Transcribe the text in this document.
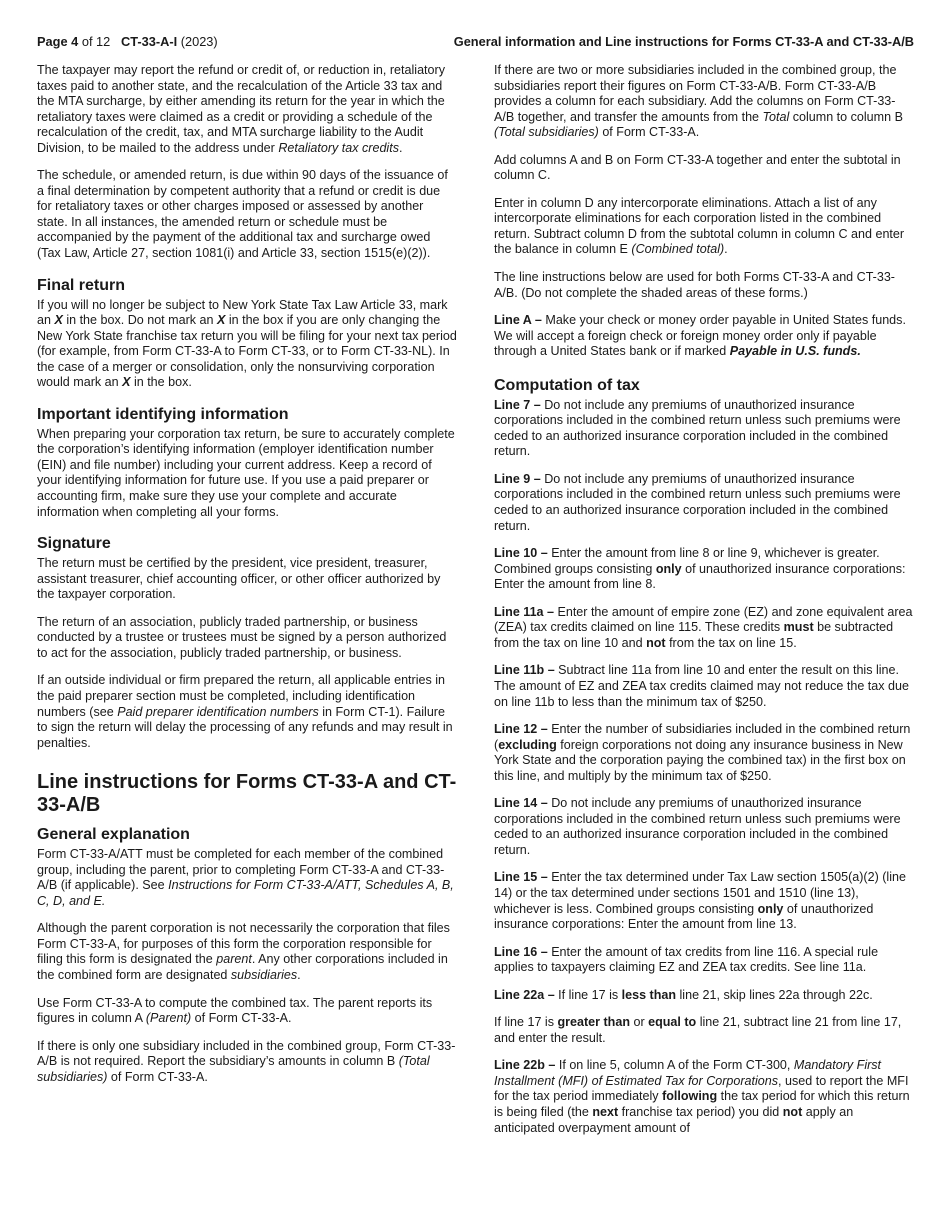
Page 4 of 12 CT-33-A-I (2023)	General information and Line instructions for Forms CT-33-A and CT-33-A/B

The taxpayer may report the refund or credit of, or reduction in, retaliatory taxes paid to another state, and the recalculation of the Article 33 tax and the MTA surcharge, by either amending its return for the year in which the retaliatory taxes were claimed as a credit or providing a schedule of the recalculation of the credit, tax, and MTA surcharge liability to the Audit Division, to be mailed to the address under Retaliatory tax credits.

The schedule, or amended return, is due within 90 days of the issuance of a final determination by competent authority that a refund or credit is due for retaliatory taxes or other charges imposed or assessed by another state. In all instances, the amended return or schedule must be accompanied by the payment of the additional tax and surcharge owed (Tax Law, Article 27, section 1081(i) and Article 33, section 1515(e)(2)).

Final return

If you will no longer be subject to New York State Tax Law Article 33, mark an X in the box. Do not mark an X in the box if you are only changing the New York State franchise tax return you will be filing for your next tax period (for example, from Form CT-33-A to Form CT-33, or to Form CT-33-NL). In the case of a merger or consolidation, only the nonsurviving corporation would mark an X in the box.

Important identifying information

When preparing your corporation tax return, be sure to accurately complete the corporation’s identifying information (employer identification number (EIN) and file number) including your current address. Keep a record of your identifying information for future use. If you use a paid preparer or accounting firm, make sure they use your complete and accurate information when completing all your forms.

Signature

The return must be certified by the president, vice president, treasurer, assistant treasurer, chief accounting officer, or other officer authorized by the taxpayer corporation.

The return of an association, publicly traded partnership, or business conducted by a trustee or trustees must be signed by a person authorized to act for the association, publicly traded partnership, or business.

If an outside individual or firm prepared the return, all applicable entries in the paid preparer section must be completed, including identification numbers (see Paid preparer identification numbers in Form CT-1). Failure to sign the return will delay the processing of any refunds and may result in penalties.

Line instructions for Forms CT-33-A and CT-33-A/B
General explanation

Form CT-33-A/ATT must be completed for each member of the combined group, including the parent, prior to completing Form CT-33-A and CT-33-A/B (if applicable). See Instructions for Form CT-33-A/ATT, Schedules A, B, C, D, and E.

Although the parent corporation is not necessarily the corporation that files Form CT-33-A, for purposes of this form the corporation responsible for filing this form is designated the parent. Any other corporations included in the combined form are designated subsidiaries.

Use Form CT-33-A to compute the combined tax. The parent reports its figures in column A (Parent) of Form CT-33-A.

If there is only one subsidiary included in the combined group, Form CT-33-A/B is not required. Report the subsidiary’s amounts in column B (Total subsidiaries) of Form CT-33-A.

If there are two or more subsidiaries included in the combined group, the subsidiaries report their figures on Form CT-33-A/B. Form CT-33-A/B provides a column for each subsidiary. Add the columns on Form CT-33-A/B together, and transfer the amounts from the Total column to column B (Total subsidiaries) of Form CT-33-A.

Add columns A and B on Form CT-33-A together and enter the subtotal in column C.

Enter in column D any intercorporate eliminations. Attach a list of any intercorporate eliminations for each corporation listed in the combined return. Subtract column D from the subtotal column in column C and enter the balance in column E (Combined total).

The line instructions below are used for both Forms CT-33-A and CT-33-A/B. (Do not complete the shaded areas of these forms.)

Line A – Make your check or money order payable in United States funds. We will accept a foreign check or foreign money order only if payable through a United States bank or if marked Payable in U.S. funds.

Computation of tax

Line 7 – Do not include any premiums of unauthorized insurance corporations included in the combined return unless such premiums were ceded to an authorized insurance corporation included in the combined return.

Line 9 – Do not include any premiums of unauthorized insurance corporations included in the combined return unless such premiums were ceded to an authorized insurance corporation included in the combined return.

Line 10 – Enter the amount from line 8 or line 9, whichever is greater. Combined groups consisting only of unauthorized insurance corporations: Enter the amount from line 8.

Line 11a – Enter the amount of empire zone (EZ) and zone equivalent area (ZEA) tax credits claimed on line 115. These credits must be subtracted from the tax on line 10 and not from the tax on line 15.

Line 11b – Subtract line 11a from line 10 and enter the result on this line. The amount of EZ and ZEA tax credits claimed may not reduce the tax due on line 11b to less than the minimum tax of $250.

Line 12 – Enter the number of subsidiaries included in the combined return (excluding foreign corporations not doing any insurance business in New York State and the corporation paying the combined tax) in the first box on this line, and multiply by the minimum tax of $250.

Line 14 – Do not include any premiums of unauthorized insurance corporations included in the combined return unless such premiums were ceded to an authorized insurance corporation included in the combined return.

Line 15 – Enter the tax determined under Tax Law section 1505(a)(2) (line 14) or the tax determined under sections 1501 and 1510 (line 13), whichever is less. Combined groups consisting only of unauthorized insurance corporations: Enter the amount from line 13.

Line 16 – Enter the amount of tax credits from line 116. A special rule applies to taxpayers claiming EZ and ZEA tax credits. See line 11a.

Line 22a – If line 17 is less than line 21, skip lines 22a through 22c.

If line 17 is greater than or equal to line 21, subtract line 21 from line 17, and enter the result.

Line 22b – If on line 5, column A of the Form CT-300, Mandatory First Installment (MFI) of Estimated Tax for Corporations, used to report the MFI for the tax period immediately following the tax period for which this return is being filed (the next franchise tax period) you did not apply an anticipated overpayment amount of
